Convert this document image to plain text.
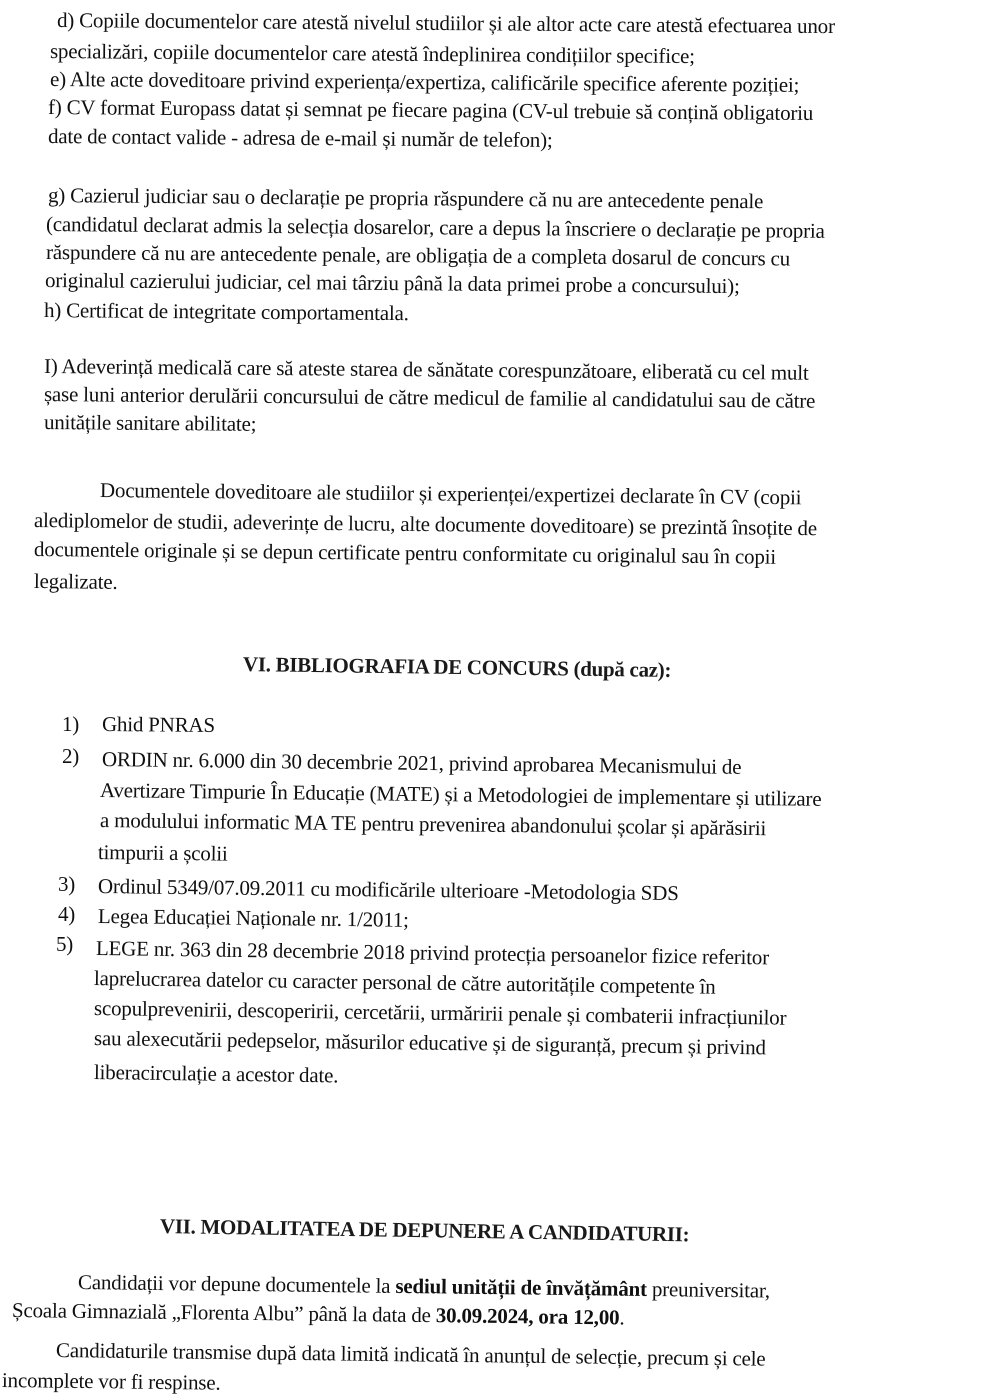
d) Copiile documentelor care atestă nivelul studiilor și ale altor acte care atestă efectuarea unor
specializări, copiile documentelor care atestă îndeplinirea condițiilor specifice;
e) Alte acte doveditoare privind experiența/expertiza, calificările specifice aferente poziției;
f) CV format Europass datat și semnat pe fiecare pagina (CV-ul trebuie să conțină obligatoriu
date de contact valide - adresa de e-mail și număr de telefon);
g) Cazierul judiciar sau o declarație pe propria răspundere că nu are antecedente penale
(candidatul declarat admis la selecția dosarelor, care a depus la înscriere o declarație pe propria
răspundere că nu are antecedente penale, are obligația de a completa dosarul de concurs cu
originalul cazierului judiciar, cel mai târziu până la data primei probe a concursului);
h) Certificat de integritate comportamentala.
I) Adeverință medicală care să ateste starea de sănătate corespunzătoare, eliberată cu cel mult
șase luni anterior derulării concursului de către medicul de familie al candidatului sau de către
unitățile sanitare abilitate;
Documentele doveditoare ale studiilor și experienței/expertizei declarate în CV (copii
alediplomelor de studii, adeverințe de lucru, alte documente doveditoare) se prezintă însoțite de
documentele originale și se depun certificate pentru conformitate cu originalul sau în copii
legalizate.
VI. BIBLIOGRAFIA DE CONCURS (după caz):
1) Ghid PNRAS
2) ORDIN nr. 6.000 din 30 decembrie 2021, privind aprobarea Mecanismului de
Avertizare Timpurie În Educație (MATE) și a Metodologiei de implementare și utilizare
a modulului informatic MA TE pentru prevenirea abandonului școlar și apărăsirii
timpurii a școlii
3) Ordinul 5349/07.09.2011 cu modificările ulterioare -Metodologia SDS
4) Legea Educației Naționale nr. 1/2011;
5) LEGE nr. 363 din 28 decembrie 2018 privind protecția persoanelor fizice referitor
laprelucrarea datelor cu caracter personal de către autoritățile competente în
scopulprevenirii, descoperirii, cercetării, urmăririi penale și combaterii infracțiunilor
sau alexecutării pedepselor, măsurilor educative și de siguranță, precum și privind
liberacirculație a acestor date.
VII. MODALITATEA DE DEPUNERE A CANDIDATURII:
Candidații vor depune documentele la sediul unității de învățământ preuniversitar,
Școala Gimnazială „Florenta Albu” până la data de 30.09.2024, ora 12,00.
Candidaturile transmise după data limită indicată în anunțul de selecție, precum și cele
incomplete vor fi respinse.
